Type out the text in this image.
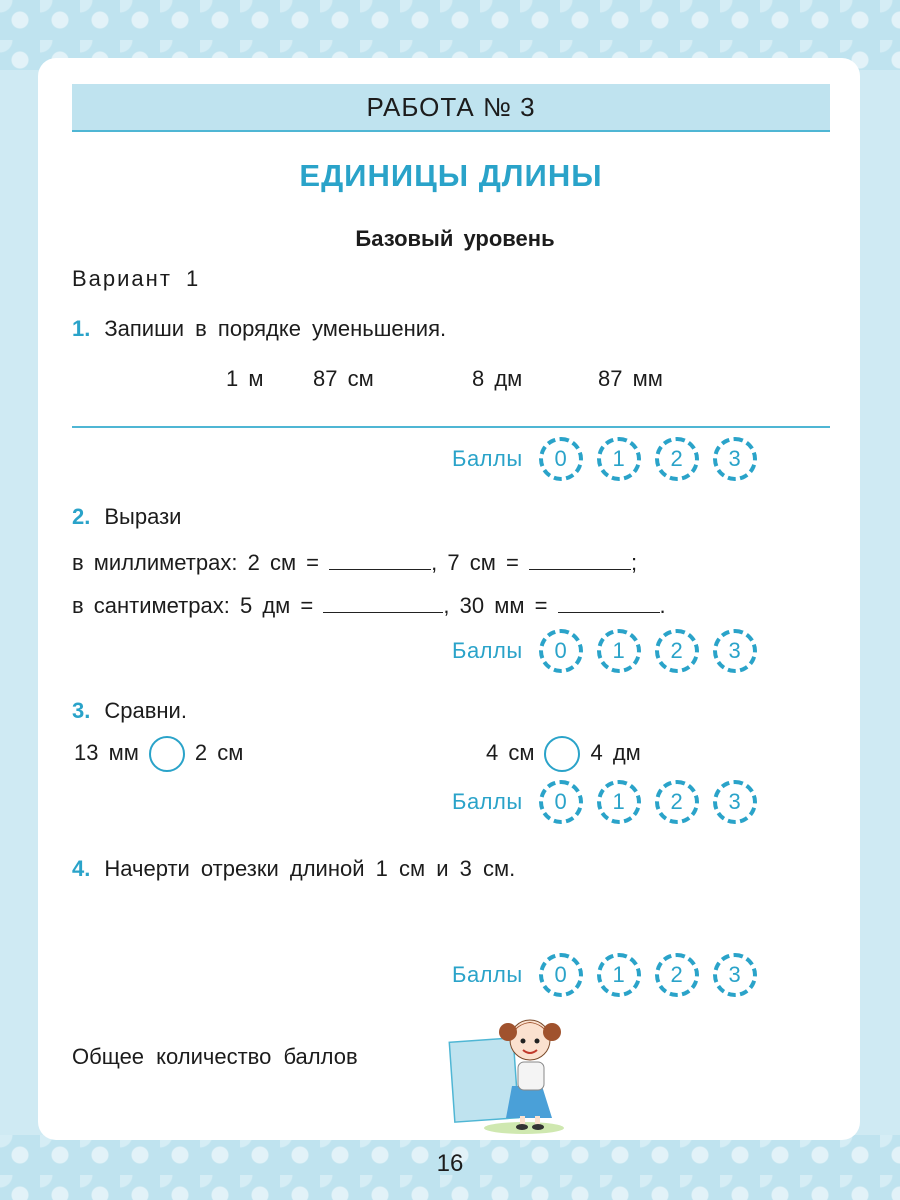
РАБОТА № 3
ЕДИНИЦЫ ДЛИНЫ
Базовый уровень
Вариант 1
1. Запиши в порядке уменьшения.
1 м 87 см	8 дм	87 мм
Баллы	0	1	2	3
2. Вырази
в миллиметрах: 2 см =	, 7 см =	;
в сантиметрах: 5 дм =	, 30 мм =	.
Баллы	0	1	2	3
3. Сравни.
13 мм	2 см	4 см	4 дм
Баллы	0	1	2	3
4. Начерти отрезки длиной 1 см и 3 см.
Баллы	0	1	2	3
Общее количество баллов
16
